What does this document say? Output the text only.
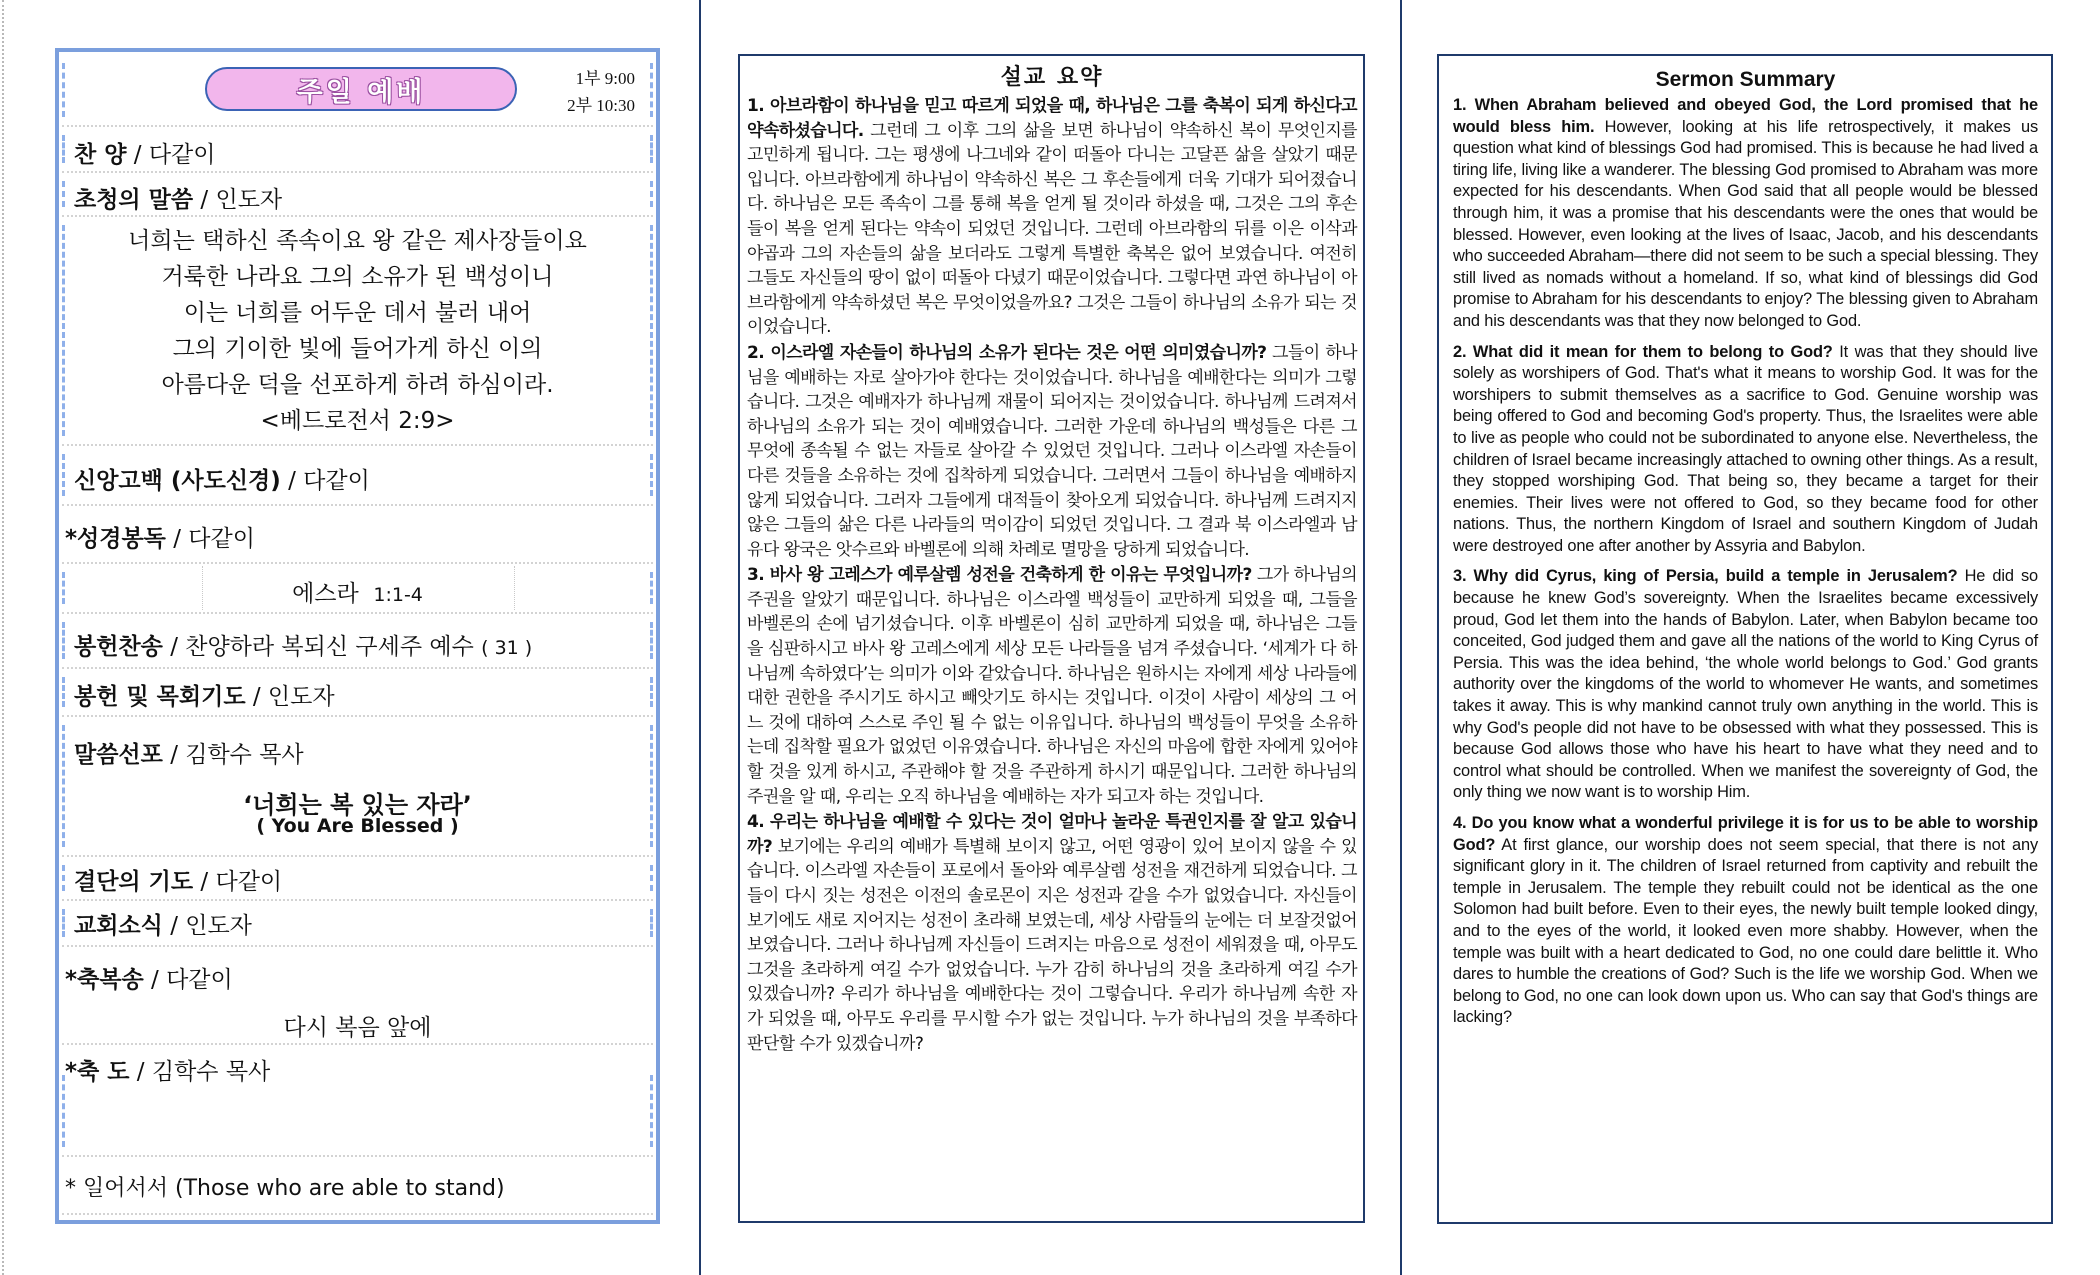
주일 예배	1부 9:00
2부 10:30
찬 양 / 다같이
초청의 말씀 / 인도자
너희는 택하신 족속이요 왕 같은 제사장들이요
거룩한 나라요 그의 소유가 된 백성이니
이는 너희를 어두운 데서 불러 내어
그의 기이한 빛에 들어가게 하신 이의
아름다운 덕을 선포하게 하려 하심이라.
<베드로전서 2:9>
신앙고백 (사도신경) / 다같이
*성경봉독 / 다같이
에스라 1:1-4
봉헌찬송 / 찬양하라 복되신 구세주 예수 ( 31 )
봉헌 및 목회기도 / 인도자
말씀선포 / 김학수 목사
‘너희는 복 있는 자라’
( You Are Blessed )
결단의 기도 / 다같이
교회소식 / 인도자
*축복송 / 다같이
다시 복음 앞에
*축 도 / 김학수 목사
* 일어서서 (Those who are able to stand)
설교 요약
1. 아브라함이 하나님을 믿고 따르게 되었을 때, 하나님은 그를 축복이 되게 하신다고 약속하셨습니다. 그런데 그 이후 그의 삶을 보면 하나님이 약속하신 복이 무엇인지를 고민하게 됩니다. 그는 평생에 나그네와 같이 떠돌아 다니는 고달픈 삶을 살았기 때문입니다. 아브라함에게 하나님이 약속하신 복은 그 후손들에게 더욱 기대가 되어졌습니다. 하나님은 모든 족속이 그를 통해 복을 얻게 될 것이라 하셨을 때, 그것은 그의 후손들이 복을 얻게 된다는 약속이 되었던 것입니다. 그런데 아브라함의 뒤를 이은 이삭과 야곱과 그의 자손들의 삶을 보더라도 그렇게 특별한 축복은 없어 보였습니다. 여전히 그들도 자신들의 땅이 없이 떠돌아 다녔기 때문이었습니다. 그렇다면 과연 하나님이 아브라함에게 약속하셨던 복은 무엇이었을까요? 그것은 그들이 하나님의 소유가 되는 것이었습니다.
2. 이스라엘 자손들이 하나님의 소유가 된다는 것은 어떤 의미였습니까? 그들이 하나님을 예배하는 자로 살아가야 한다는 것이었습니다. 하나님을 예배한다는 의미가 그렇습니다. 그것은 예배자가 하나님께 재물이 되어지는 것이었습니다. 하나님께 드려져서 하나님의 소유가 되는 것이 예배였습니다. 그러한 가운데 하나님의 백성들은 다른 그 무엇에 종속될 수 없는 자들로 살아갈 수 있었던 것입니다. 그러나 이스라엘 자손들이 다른 것들을 소유하는 것에 집착하게 되었습니다. 그러면서 그들이 하나님을 예배하지 않게 되었습니다. 그러자 그들에게 대적들이 찾아오게 되었습니다. 하나님께 드려지지 않은 그들의 삶은 다른 나라들의 먹이감이 되었던 것입니다. 그 결과 북 이스라엘과 남 유다 왕국은 앗수르와 바벨론에 의해 차례로 멸망을 당하게 되었습니다.
3. 바사 왕 고레스가 예루살렘 성전을 건축하게 한 이유는 무엇입니까? 그가 하나님의 주권을 알았기 때문입니다. 하나님은 이스라엘 백성들이 교만하게 되었을 때, 그들을 바벨론의 손에 넘기셨습니다. 이후 바벨론이 심히 교만하게 되었을 때, 하나님은 그들을 심판하시고 바사 왕 고레스에게 세상 모든 나라들을 넘겨 주셨습니다. ‘세계가 다 하나님께 속하였다’는 의미가 이와 같았습니다. 하나님은 원하시는 자에게 세상 나라들에 대한 권한을 주시기도 하시고 빼앗기도 하시는 것입니다. 이것이 사람이 세상의 그 어느 것에 대하여 스스로 주인 될 수 없는 이유입니다. 하나님의 백성들이 무엇을 소유하는데 집착할 필요가 없었던 이유였습니다. 하나님은 자신의 마음에 합한 자에게 있어야 할 것을 있게 하시고, 주관해야 할 것을 주관하게 하시기 때문입니다. 그러한 하나님의 주권을 알 때, 우리는 오직 하나님을 예배하는 자가 되고자 하는 것입니다.
4. 우리는 하나님을 예배할 수 있다는 것이 얼마나 놀라운 특권인지를 잘 알고 있습니까? 보기에는 우리의 예배가 특별해 보이지 않고, 어떤 영광이 있어 보이지 않을 수 있습니다. 이스라엘 자손들이 포로에서 돌아와 예루살렘 성전을 재건하게 되었습니다. 그들이 다시 짓는 성전은 이전의 솔로몬이 지은 성전과 같을 수가 없었습니다. 자신들이 보기에도 새로 지어지는 성전이 초라해 보였는데, 세상 사람들의 눈에는 더 보잘것없어 보였습니다. 그러나 하나님께 자신들이 드려지는 마음으로 성전이 세워졌을 때, 아무도 그것을 초라하게 여길 수가 없었습니다. 누가 감히 하나님의 것을 초라하게 여길 수가 있겠습니까? 우리가 하나님을 예배한다는 것이 그렇습니다. 우리가 하나님께 속한 자가 되었을 때, 아무도 우리를 무시할 수가 없는 것입니다. 누가 하나님의 것을 부족하다 판단할 수가 있겠습니까?
Sermon Summary
1. When Abraham believed and obeyed God, the Lord promised that he would bless him. However, looking at his life retrospectively, it makes us question what kind of blessings God had promised. This is because he had lived a tiring life, living like a wanderer. The blessing God promised to Abraham was more expected for his descendants. When God said that all people would be blessed through him, it was a promise that his descendants were the ones that would be blessed. However, even looking at the lives of Isaac, Jacob, and his descendants who succeeded Abraham—there did not seem to be such a special blessing. They still lived as nomads without a homeland. If so, what kind of blessings did God promise to Abraham for his descendants to enjoy? The blessing given to Abraham and his descendants was that they now belonged to God.
2. What did it mean for them to belong to God? It was that they should live solely as worshipers of God. That's what it means to worship God. It was for the worshipers to submit themselves as a sacrifice to God. Genuine worship was being offered to God and becoming God's property. Thus, the Israelites were able to live as people who could not be subordinated to anyone else. Nevertheless, the children of Israel became increasingly attached to owning other things. As a result, they stopped worshiping God. That being so, they became a target for their enemies. Their lives were not offered to God, so they became food for other nations. Thus, the northern Kingdom of Israel and southern Kingdom of Judah were destroyed one after another by Assyria and Babylon.
3. Why did Cyrus, king of Persia, build a temple in Jerusalem? He did so because he knew God’s sovereignty. When the Israelites became excessively proud, God let them into the hands of Babylon. Later, when Babylon became too conceited, God judged them and gave all the nations of the world to King Cyrus of Persia. This was the idea behind, ‘the whole world belongs to God.’ God grants authority over the kingdoms of the world to whomever He wants, and sometimes takes it away. This is why mankind cannot truly own anything in the world. This is why God's people did not have to be obsessed with what they possessed. This is because God allows those who have his heart to have what they need and to control what should be controlled. When we manifest the sovereignty of God, the only thing we now want is to worship Him.
4. Do you know what a wonderful privilege it is for us to be able to worship God? At first glance, our worship does not seem special, that there is not any significant glory in it. The children of Israel returned from captivity and rebuilt the temple in Jerusalem. The temple they rebuilt could not be identical as the one Solomon had built before. Even to their eyes, the newly built temple looked dingy, and to the eyes of the world, it looked even more shabby. However, when the temple was built with a heart dedicated to God, no one could dare belittle it. Who dares to humble the creations of God? Such is the life we worship God. When we belong to God, no one can look down upon us. Who can say that God's things are lacking?
